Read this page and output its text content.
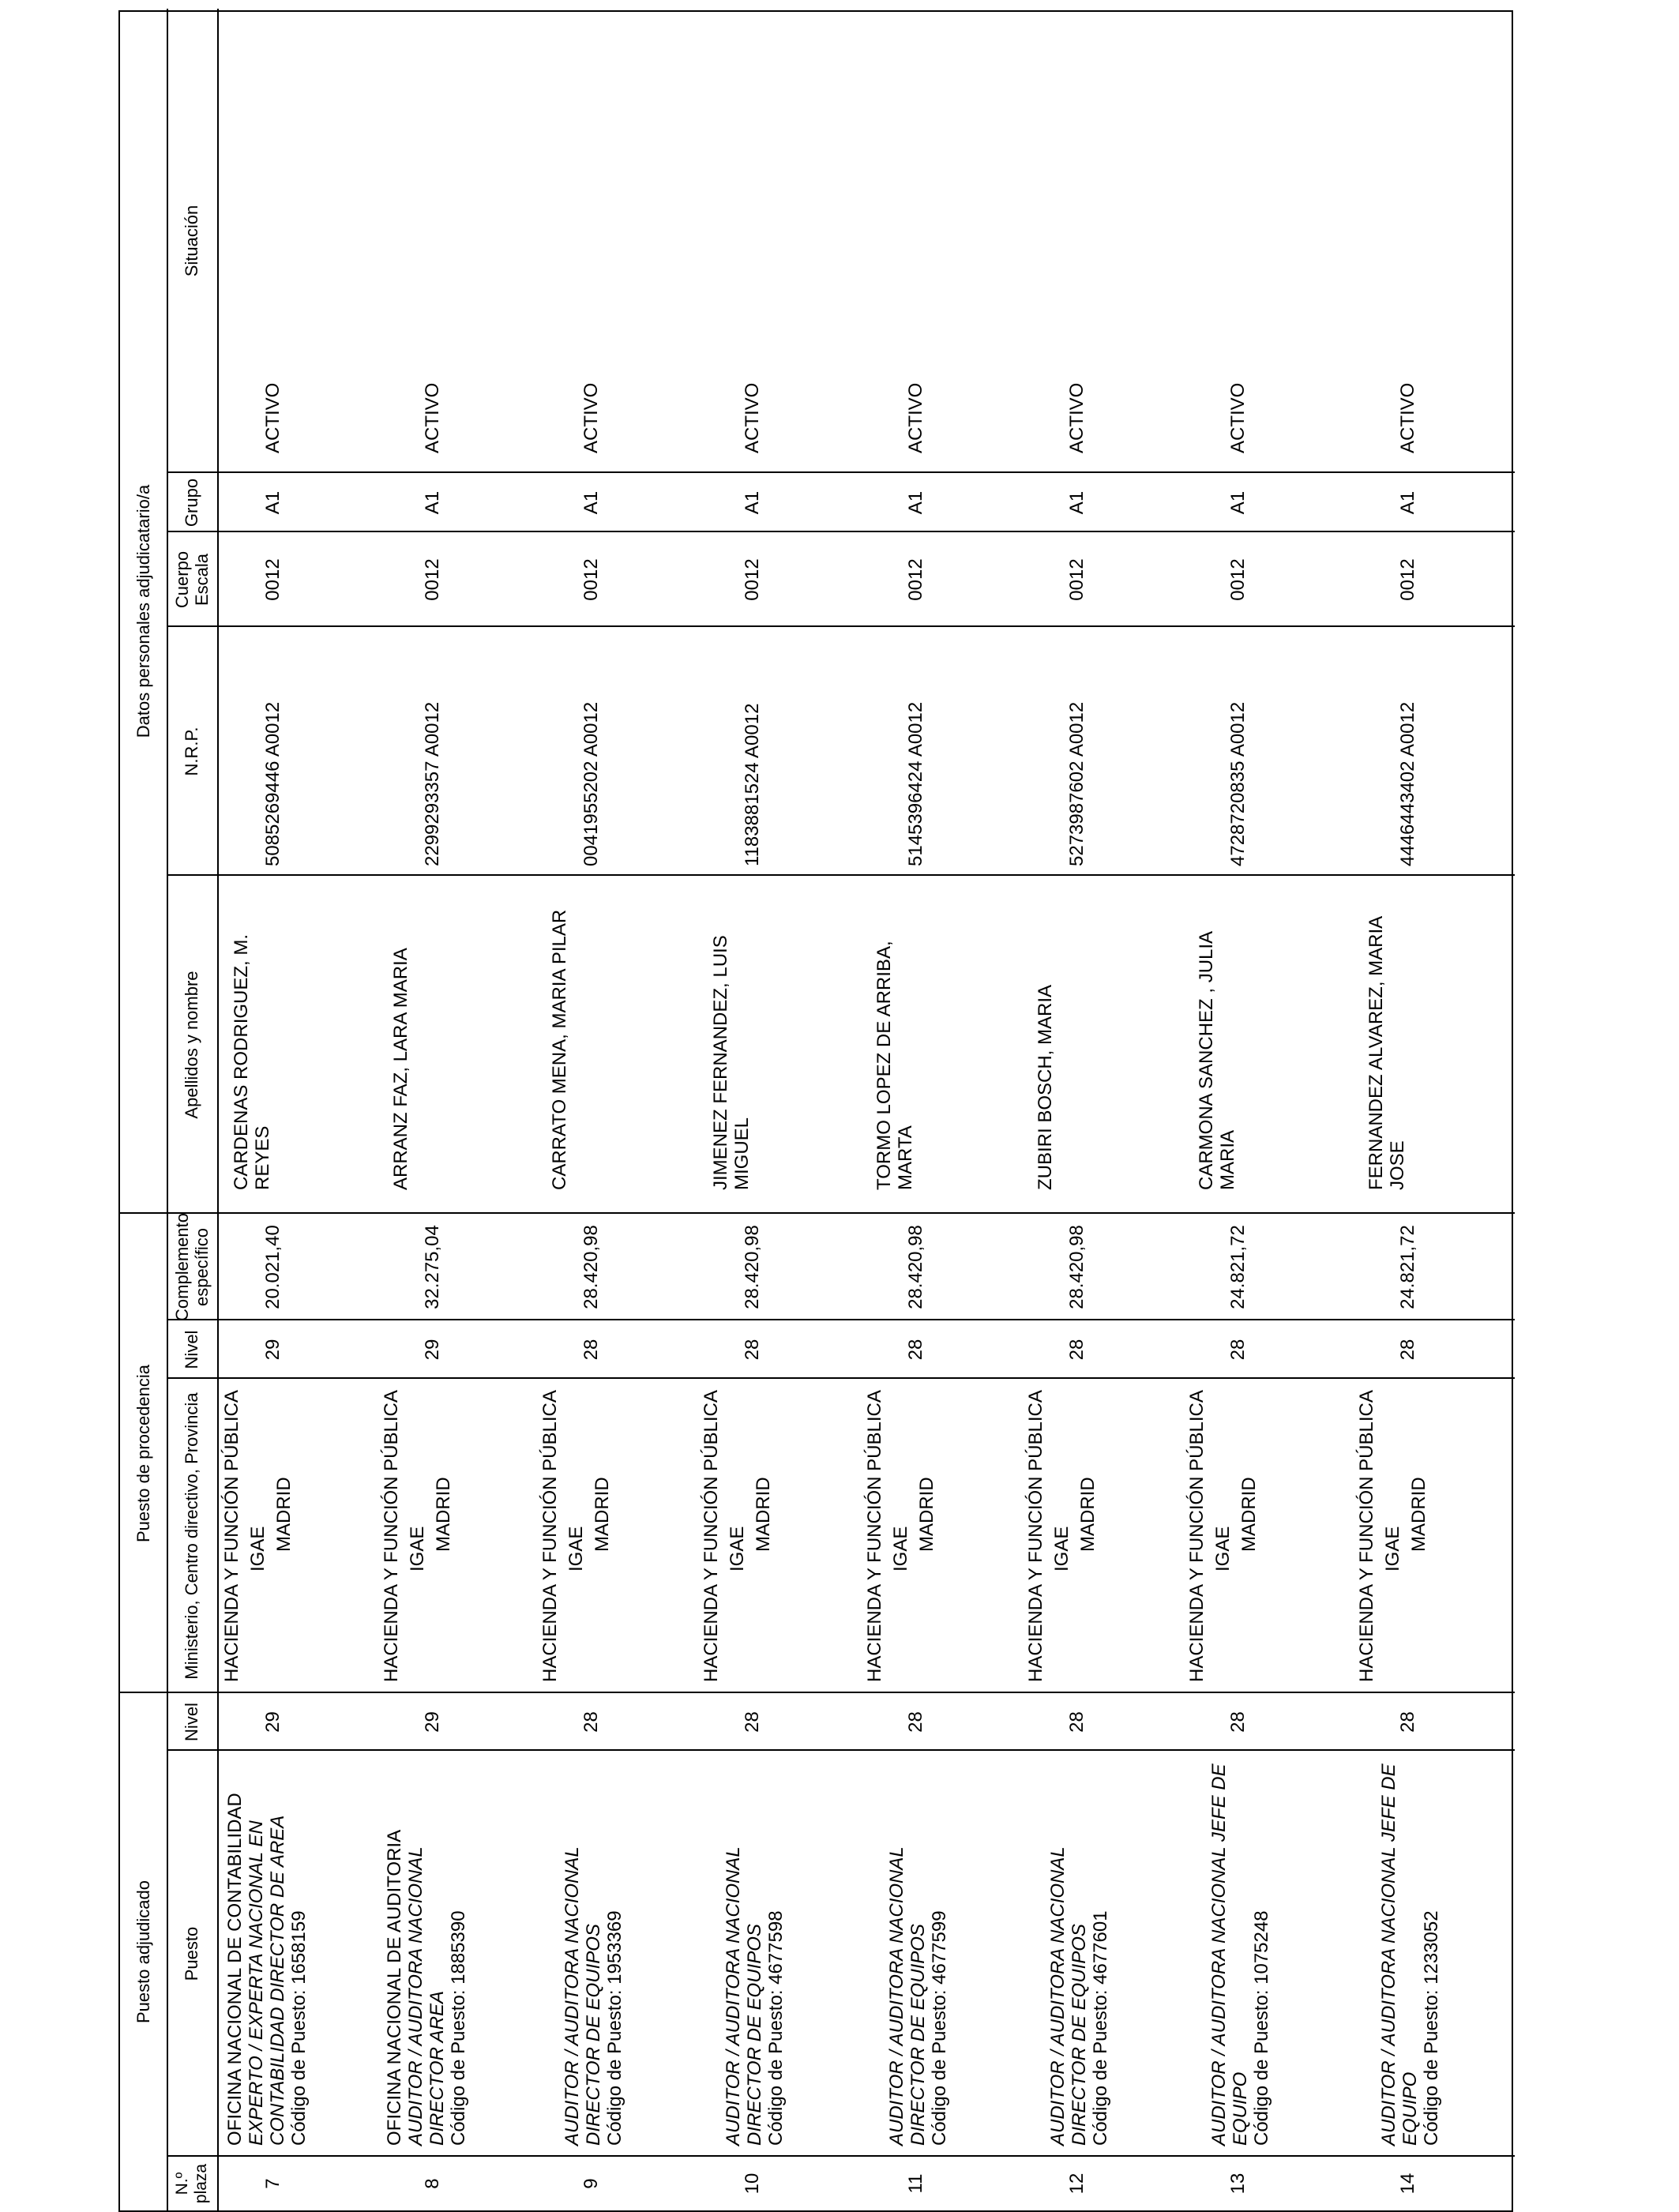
Puesto adjudicado
Puesto de procedencia
Datos personales adjudicatario/a
N.º plaza
Puesto
Nivel
Ministerio, Centro directivo, Provincia
Nivel
Complemento específico
Apellidos y nombre
N.R.P.
Cuerpo Escala
Grupo
Situación
7
OFICINA NACIONAL DE CONTABILIDAD EXPERTO / EXPERTA NACIONAL EN CONTABILIDAD DIRECTOR DE AREA Código de Puesto: 1658159
29
HACIENDA Y FUNCIÓN PÚBLICA IGAE MADRID
29
20.021,40
CARDENAS RODRIGUEZ, M. REYES
5085269446 A0012
0012
A1
ACTIVO
8
OFICINA NACIONAL DE AUDITORIA AUDITOR / AUDITORA NACIONAL DIRECTOR AREA Código de Puesto: 1885390
29
HACIENDA Y FUNCIÓN PÚBLICA IGAE MADRID
29
32.275,04
ARRANZ FAZ, LARA MARIA
2299293357 A0012
0012
A1
ACTIVO
9
AUDITOR / AUDITORA NACIONAL DIRECTOR DE EQUIPOS Código de Puesto: 1953369
28
HACIENDA Y FUNCIÓN PÚBLICA IGAE MADRID
28
28.420,98
CARRATO MENA, MARIA PILAR
0041955202 A0012
0012
A1
ACTIVO
10
AUDITOR / AUDITORA NACIONAL DIRECTOR DE EQUIPOS Código de Puesto: 4677598
28
HACIENDA Y FUNCIÓN PÚBLICA IGAE MADRID
28
28.420,98
JIMENEZ FERNANDEZ, LUIS MIGUEL
1183881524 A0012
0012
A1
ACTIVO
11
AUDITOR / AUDITORA NACIONAL DIRECTOR DE EQUIPOS Código de Puesto: 4677599
28
HACIENDA Y FUNCIÓN PÚBLICA IGAE MADRID
28
28.420,98
TORMO LOPEZ DE ARRIBA, MARTA
5145396424 A0012
0012
A1
ACTIVO
12
AUDITOR / AUDITORA NACIONAL DIRECTOR DE EQUIPOS Código de Puesto: 4677601
28
HACIENDA Y FUNCIÓN PÚBLICA IGAE MADRID
28
28.420,98
ZUBIRI BOSCH, MARIA
5273987602 A0012
0012
A1
ACTIVO
13
AUDITOR / AUDITORA NACIONAL JEFE DE EQUIPO Código de Puesto: 1075248
28
HACIENDA Y FUNCIÓN PÚBLICA IGAE MADRID
28
24.821,72
CARMONA SANCHEZ , JULIA MARIA
4728720835 A0012
0012
A1
ACTIVO
14
AUDITOR / AUDITORA NACIONAL JEFE DE EQUIPO Código de Puesto: 1233052
28
HACIENDA Y FUNCIÓN PÚBLICA IGAE MADRID
28
24.821,72
FERNANDEZ ALVAREZ, MARIA JOSE
4446443402 A0012
0012
A1
ACTIVO
